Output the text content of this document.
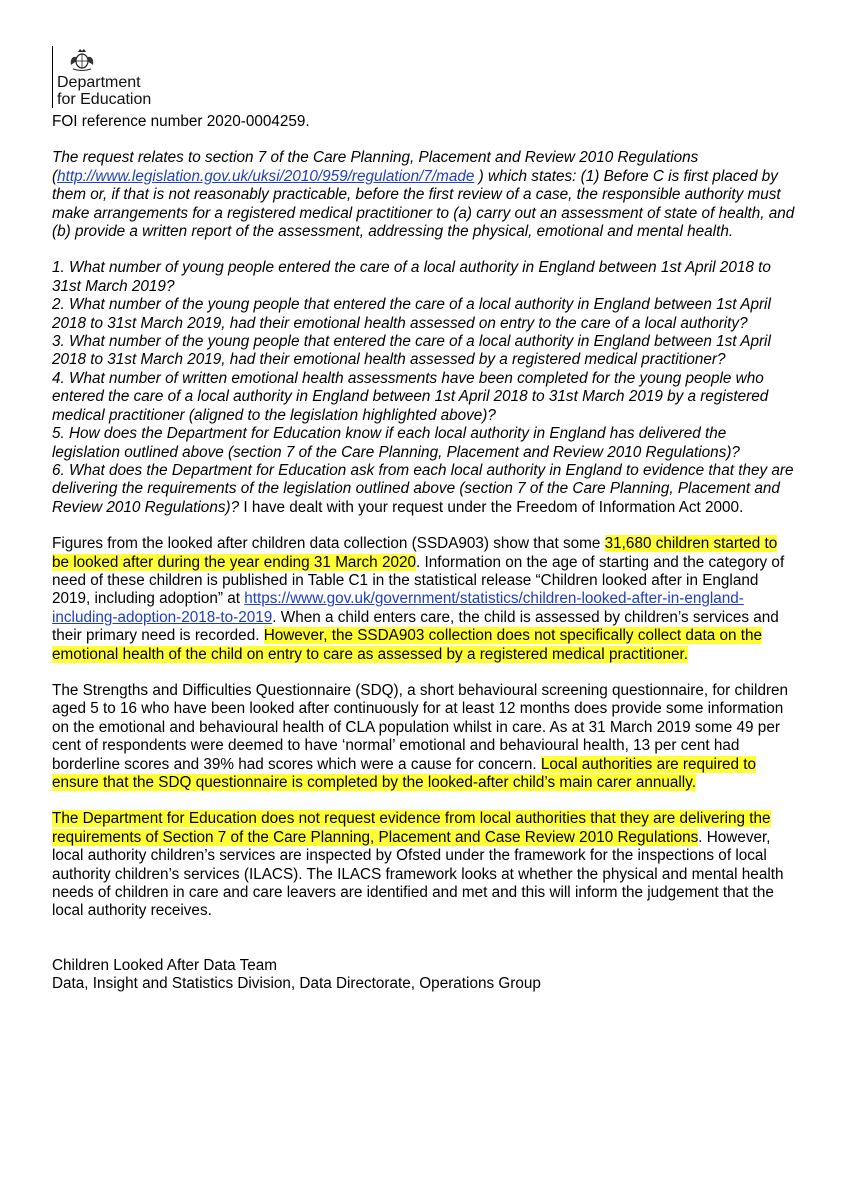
Department
for Education

FOI reference number 2020-0004259.

The request relates to section 7 of the Care Planning, Placement and Review 2010 Regulations (http://www.legislation.gov.uk/uksi/2010/959/regulation/7/made ) which states: (1) Before C is first placed by them or, if that is not reasonably practicable, before the first review of a case, the responsible authority must make arrangements for a registered medical practitioner to (a) carry out an assessment of state of health, and (b) provide a written report of the assessment, addressing the physical, emotional and mental health.

1. What number of young people entered the care of a local authority in England between 1st April 2018 to 31st March 2019?

2. What number of the young people that entered the care of a local authority in England between 1st April 2018 to 31st March 2019, had their emotional health assessed on entry to the care of a local authority?

3. What number of the young people that entered the care of a local authority in England between 1st April 2018 to 31st March 2019, had their emotional health assessed by a registered medical practitioner?

4. What number of written emotional health assessments have been completed for the young people who entered the care of a local authority in England between 1st April 2018 to 31st March 2019 by a registered medical practitioner (aligned to the legislation highlighted above)?

5. How does the Department for Education know if each local authority in England has delivered the legislation outlined above (section 7 of the Care Planning, Placement and Review 2010 Regulations)?

6. What does the Department for Education ask from each local authority in England to evidence that they are delivering the requirements of the legislation outlined above (section 7 of the Care Planning, Placement and Review 2010 Regulations)? I have dealt with your request under the Freedom of Information Act 2000.

Figures from the looked after children data collection (SSDA903) show that some 31,680 children started to be looked after during the year ending 31 March 2020. Information on the age of starting and the category of need of these children is published in Table C1 in the statistical release “Children looked after in England 2019, including adoption” at https://www.gov.uk/government/statistics/children-looked-after-in-england-including-adoption-2018-to-2019. When a child enters care, the child is assessed by children’s services and their primary need is recorded. However, the SSDA903 collection does not specifically collect data on the emotional health of the child on entry to care as assessed by a registered medical practitioner.

The Strengths and Difficulties Questionnaire (SDQ), a short behavioural screening questionnaire, for children aged 5 to 16 who have been looked after continuously for at least 12 months does provide some information on the emotional and behavioural health of CLA population whilst in care. As at 31 March 2019 some 49 per cent of respondents were deemed to have ‘normal’ emotional and behavioural health, 13 per cent had borderline scores and 39% had scores which were a cause for concern. Local authorities are required to ensure that the SDQ questionnaire is completed by the looked-after child’s main carer annually.

The Department for Education does not request evidence from local authorities that they are delivering the requirements of Section 7 of the Care Planning, Placement and Case Review 2010 Regulations. However, local authority children’s services are inspected by Ofsted under the framework for the inspections of local authority children’s services (ILACS). The ILACS framework looks at whether the physical and mental health needs of children in care and care leavers are identified and met and this will inform the judgement that the local authority receives.

Children Looked After Data Team

Data, Insight and Statistics Division, Data Directorate, Operations Group
